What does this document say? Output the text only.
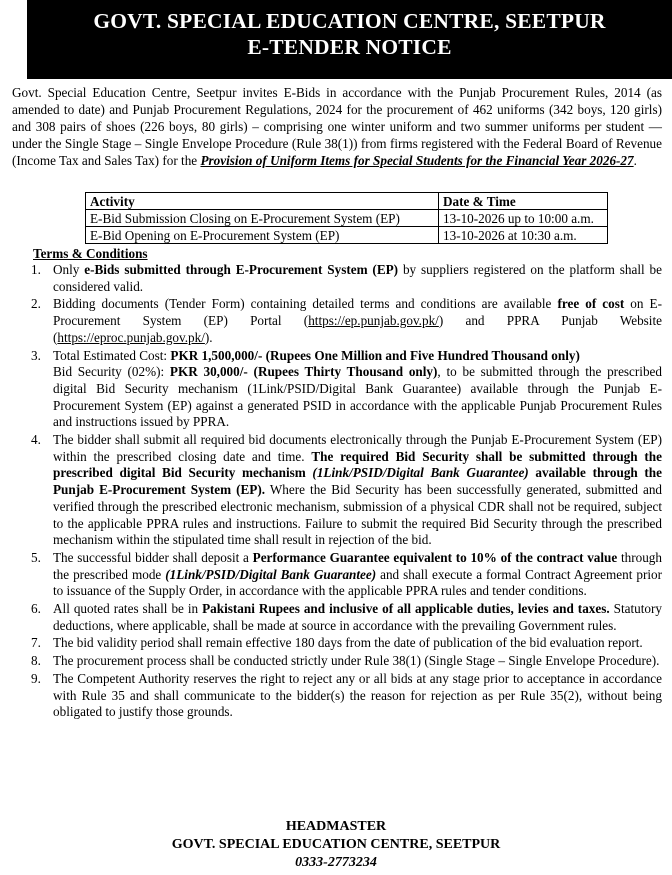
GOVT. SPECIAL EDUCATION CENTRE, SEETPUR
E-TENDER NOTICE
Govt. Special Education Centre, Seetpur invites E-Bids in accordance with the Punjab Procurement Rules, 2014 (as amended to date) and Punjab Procurement Regulations, 2024 for the procurement of 462 uniforms (342 boys, 120 girls) and 308 pairs of shoes (226 boys, 80 girls) – comprising one winter uniform and two summer uniforms per student — under the Single Stage – Single Envelope Procedure (Rule 38(1)) from firms registered with the Federal Board of Revenue (Income Tax and Sales Tax) for the Provision of Uniform Items for Special Students for the Financial Year 2026-27.
Activity	Date & Time
E-Bid Submission Closing on E-Procurement System (EP)	13-10-2026 up to 10:00 a.m.
E-Bid Opening on E-Procurement System (EP)	13-10-2026 at 10:30 a.m.
Terms & Conditions
1. Only e-Bids submitted through E-Procurement System (EP) by suppliers registered on the platform shall be considered valid.
2. Bidding documents (Tender Form) containing detailed terms and conditions are available free of cost on E-Procurement System (EP) Portal (https://ep.punjab.gov.pk/) and PPRA Punjab Website (https://eproc.punjab.gov.pk/).
3. Total Estimated Cost: PKR 1,500,000/- (Rupees One Million and Five Hundred Thousand only)

Bid Security (02%): PKR 30,000/- (Rupees Thirty Thousand only), to be submitted through the prescribed digital Bid Security mechanism (1Link/PSID/Digital Bank Guarantee) available through the Punjab E-Procurement System (EP) against a generated PSID in accordance with the applicable Punjab Procurement Rules and instructions issued by PPRA.

4. The bidder shall submit all required bid documents electronically through the Punjab E-Procurement System (EP) within the prescribed closing date and time. The required Bid Security shall be submitted through the prescribed digital Bid Security mechanism (1Link/PSID/Digital Bank Guarantee) available through the Punjab E-Procurement System (EP). Where the Bid Security has been successfully generated, submitted and verified through the prescribed electronic mechanism, submission of a physical CDR shall not be required, subject to the applicable PPRA rules and instructions. Failure to submit the required Bid Security through the prescribed mechanism within the stipulated time shall result in rejection of the bid.
5. The successful bidder shall deposit a Performance Guarantee equivalent to 10% of the contract value through the prescribed mode (1Link/PSID/Digital Bank Guarantee) and shall execute a formal Contract Agreement prior to issuance of the Supply Order, in accordance with the applicable PPRA rules and tender conditions.
6. All quoted rates shall be in Pakistani Rupees and inclusive of all applicable duties, levies and taxes. Statutory deductions, where applicable, shall be made at source in accordance with the prevailing Government rules.
7. The bid validity period shall remain effective 180 days from the date of publication of the bid evaluation report.
8. The procurement process shall be conducted strictly under Rule 38(1) (Single Stage – Single Envelope Procedure).
9. The Competent Authority reserves the right to reject any or all bids at any stage prior to acceptance in accordance with Rule 35 and shall communicate to the bidder(s) the reason for rejection as per Rule 35(2), without being obligated to justify those grounds.
HEADMASTER
GOVT. SPECIAL EDUCATION CENTRE, SEETPUR
0333-2773234
